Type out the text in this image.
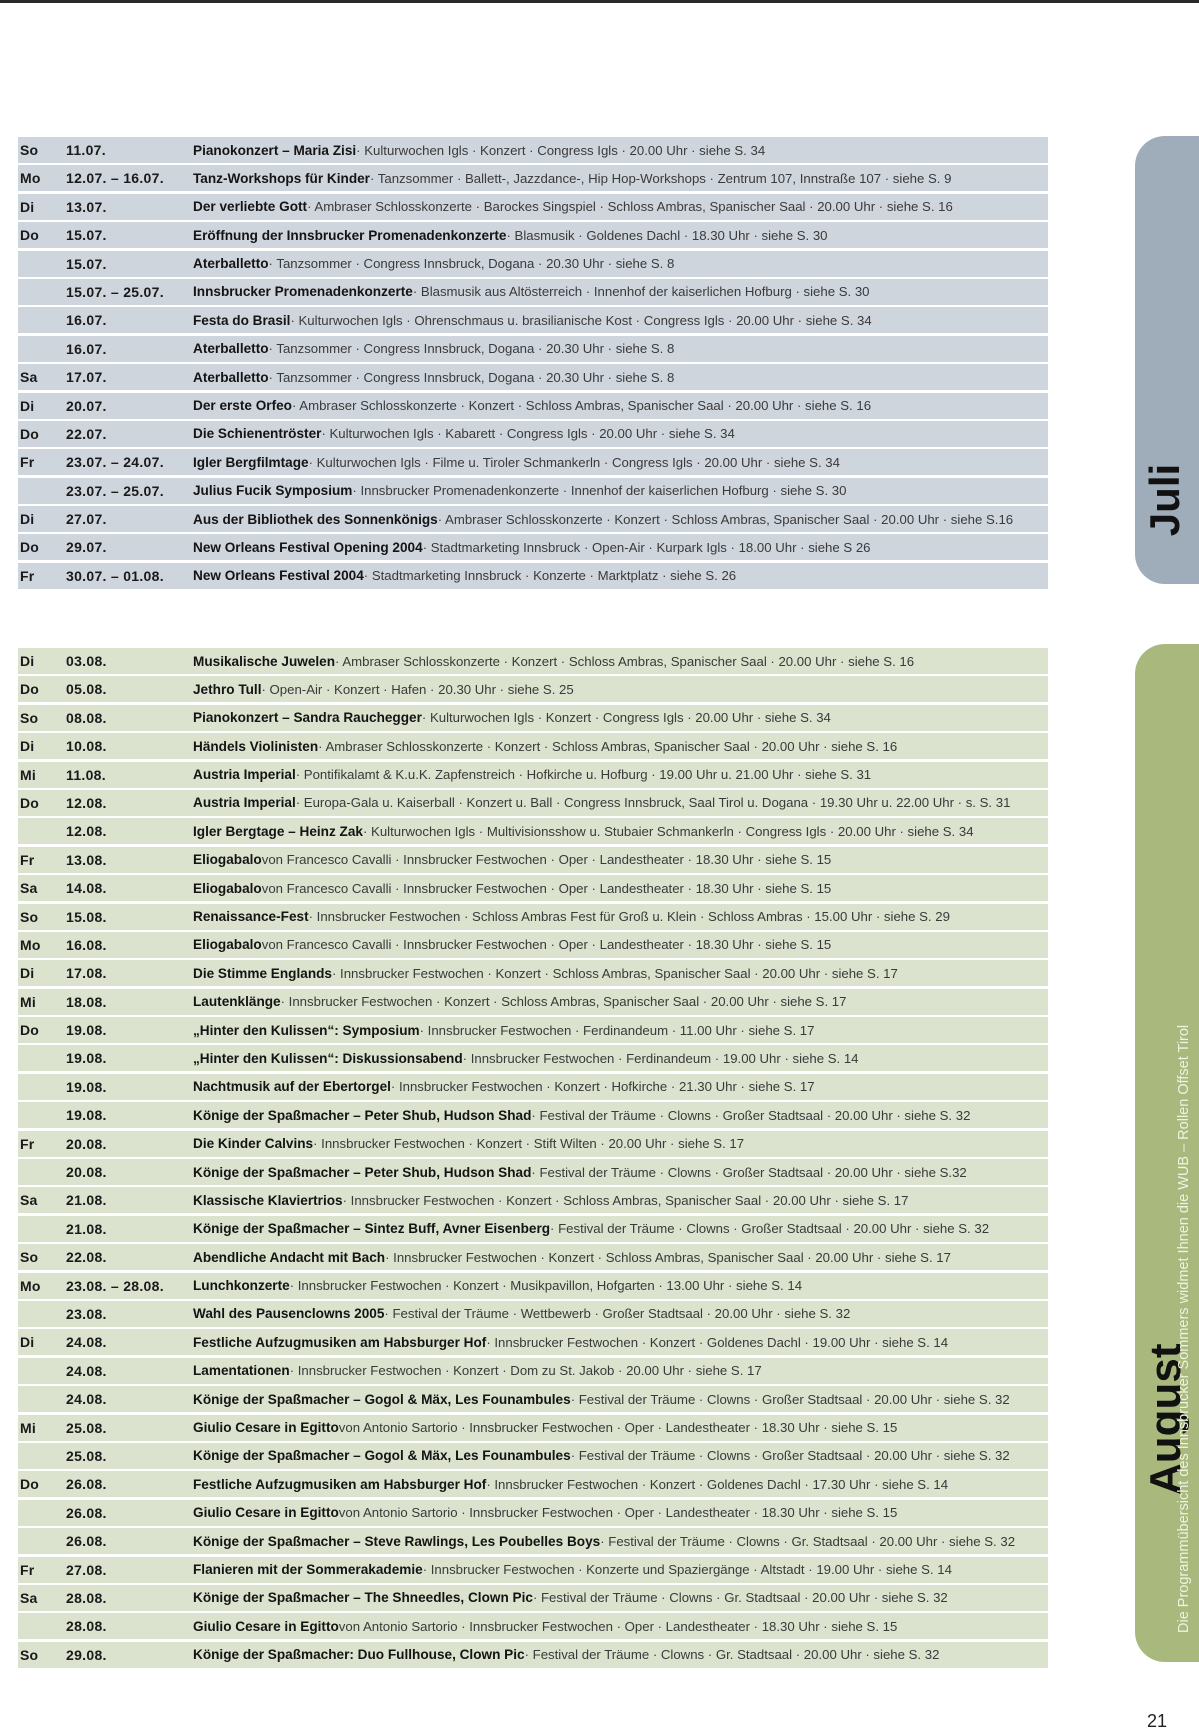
So	11.07.	Pianokonzert – Maria Zisi · Kulturwochen Igls · Konzert · Congress Igls · 20.00 Uhr · siehe S. 34
Mo	12.07. – 16.07.	Tanz-Workshops für Kinder · Tanzsommer · Ballett-, Jazzdance-, Hip Hop-Workshops · Zentrum 107, Innstraße 107 · siehe S. 9
Di	13.07.	Der verliebte Gott · Ambraser Schlosskonzerte · Barockes Singspiel · Schloss Ambras, Spanischer Saal · 20.00 Uhr · siehe S. 16
Do	15.07.	Eröffnung der Innsbrucker Promenadenkonzerte · Blasmusik · Goldenes Dachl · 18.30 Uhr · siehe S. 30
15.07.	Aterballetto · Tanzsommer · Congress Innsbruck, Dogana · 20.30 Uhr · siehe S. 8
15.07. – 25.07.	Innsbrucker Promenadenkonzerte · Blasmusik aus Altösterreich · Innenhof der kaiserlichen Hofburg · siehe S. 30
16.07.	Festa do Brasil · Kulturwochen Igls · Ohrenschmaus u. brasilianische Kost · Congress Igls · 20.00 Uhr · siehe S. 34
16.07.	Aterballetto · Tanzsommer · Congress Innsbruck, Dogana · 20.30 Uhr · siehe S. 8
Sa	17.07.	Aterballetto · Tanzsommer · Congress Innsbruck, Dogana · 20.30 Uhr · siehe S. 8
Di	20.07.	Der erste Orfeo · Ambraser Schlosskonzerte · Konzert · Schloss Ambras, Spanischer Saal · 20.00 Uhr · siehe S. 16
Do	22.07.	Die Schienentröster · Kulturwochen Igls · Kabarett · Congress Igls · 20.00 Uhr · siehe S. 34
Fr	23.07. – 24.07.	Igler Bergfilmtage · Kulturwochen Igls · Filme u. Tiroler Schmankerln · Congress Igls · 20.00 Uhr · siehe S. 34
23.07. – 25.07.	Julius Fucik Symposium · Innsbrucker Promenadenkonzerte · Innenhof der kaiserlichen Hofburg · siehe S. 30
Di	27.07.	Aus der Bibliothek des Sonnenkönigs · Ambraser Schlosskonzerte · Konzert · Schloss Ambras, Spanischer Saal · 20.00 Uhr · siehe S.16
Do	29.07.	New Orleans Festival Opening 2004 · Stadtmarketing Innsbruck · Open-Air · Kurpark Igls · 18.00 Uhr · siehe S 26
Fr	30.07. – 01.08.	New Orleans Festival 2004 · Stadtmarketing Innsbruck · Konzerte · Marktplatz · siehe S. 26
Di	03.08.	Musikalische Juwelen · Ambraser Schlosskonzerte · Konzert · Schloss Ambras, Spanischer Saal · 20.00 Uhr · siehe S. 16
Do	05.08.	Jethro Tull · Open-Air · Konzert · Hafen · 20.30 Uhr · siehe S. 25
So	08.08.	Pianokonzert – Sandra Rauchegger · Kulturwochen Igls · Konzert · Congress Igls · 20.00 Uhr · siehe S. 34
Di	10.08.	Händels Violinisten · Ambraser Schlosskonzerte · Konzert · Schloss Ambras, Spanischer Saal · 20.00 Uhr · siehe S. 16
Mi	11.08.	Austria Imperial · Pontifikalamt & K.u.K. Zapfenstreich · Hofkirche u. Hofburg · 19.00 Uhr u. 21.00 Uhr · siehe S. 31
Do	12.08.	Austria Imperial · Europa-Gala u. Kaiserball · Konzert u. Ball · Congress Innsbruck, Saal Tirol u. Dogana · 19.30 Uhr u. 22.00 Uhr · s. S. 31
12.08.	Igler Bergtage – Heinz Zak · Kulturwochen Igls · Multivisionsshow u. Stubaier Schmankerln · Congress Igls · 20.00 Uhr · siehe S. 34
Fr	13.08.	Eliogabalo von Francesco Cavalli · Innsbrucker Festwochen · Oper · Landestheater · 18.30 Uhr · siehe S. 15
Sa	14.08.	Eliogabalo von Francesco Cavalli · Innsbrucker Festwochen · Oper · Landestheater · 18.30 Uhr · siehe S. 15
So	15.08.	Renaissance-Fest · Innsbrucker Festwochen · Schloss Ambras Fest für Groß u. Klein · Schloss Ambras · 15.00 Uhr · siehe S. 29
Mo	16.08.	Eliogabalo von Francesco Cavalli · Innsbrucker Festwochen · Oper · Landestheater · 18.30 Uhr · siehe S. 15
Di	17.08.	Die Stimme Englands · Innsbrucker Festwochen · Konzert · Schloss Ambras, Spanischer Saal · 20.00 Uhr · siehe S. 17
Mi	18.08.	Lautenklänge · Innsbrucker Festwochen · Konzert · Schloss Ambras, Spanischer Saal · 20.00 Uhr · siehe S. 17
Do	19.08.	„Hinter den Kulissen“: Symposium · Innsbrucker Festwochen · Ferdinandeum · 11.00 Uhr · siehe S. 17
19.08.	„Hinter den Kulissen“: Diskussionsabend · Innsbrucker Festwochen · Ferdinandeum · 19.00 Uhr · siehe S. 14
19.08.	Nachtmusik auf der Ebertorgel · Innsbrucker Festwochen · Konzert · Hofkirche · 21.30 Uhr · siehe S. 17
19.08.	Könige der Spaßmacher – Peter Shub, Hudson Shad · Festival der Träume · Clowns · Großer Stadtsaal · 20.00 Uhr · siehe S. 32
Fr	20.08.	Die Kinder Calvins · Innsbrucker Festwochen · Konzert · Stift Wilten · 20.00 Uhr · siehe S. 17
20.08.	Könige der Spaßmacher – Peter Shub, Hudson Shad · Festival der Träume · Clowns · Großer Stadtsaal · 20.00 Uhr · siehe S.32
Sa	21.08.	Klassische Klaviertrios · Innsbrucker Festwochen · Konzert · Schloss Ambras, Spanischer Saal · 20.00 Uhr · siehe S. 17
21.08.	Könige der Spaßmacher – Sintez Buff, Avner Eisenberg · Festival der Träume · Clowns · Großer Stadtsaal · 20.00 Uhr · siehe S. 32
So	22.08.	Abendliche Andacht mit Bach · Innsbrucker Festwochen · Konzert · Schloss Ambras, Spanischer Saal · 20.00 Uhr · siehe S. 17
Mo	23.08. – 28.08.	Lunchkonzerte · Innsbrucker Festwochen · Konzert · Musikpavillon, Hofgarten · 13.00 Uhr · siehe S. 14
23.08.	Wahl des Pausenclowns 2005 · Festival der Träume · Wettbewerb · Großer Stadtsaal · 20.00 Uhr · siehe S. 32
Di	24.08.	Festliche Aufzugmusiken am Habsburger Hof · Innsbrucker Festwochen · Konzert · Goldenes Dachl · 19.00 Uhr · siehe S. 14
24.08.	Lamentationen · Innsbrucker Festwochen · Konzert · Dom zu St. Jakob · 20.00 Uhr · siehe S. 17
24.08.	Könige der Spaßmacher – Gogol & Mäx, Les Founambules · Festival der Träume · Clowns · Großer Stadtsaal · 20.00 Uhr · siehe S. 32
Mi	25.08.	Giulio Cesare in Egitto von Antonio Sartorio · Innsbrucker Festwochen · Oper · Landestheater · 18.30 Uhr · siehe S. 15
25.08.	Könige der Spaßmacher – Gogol & Mäx, Les Founambules · Festival der Träume · Clowns · Großer Stadtsaal · 20.00 Uhr · siehe S. 32
Do	26.08.	Festliche Aufzugmusiken am Habsburger Hof · Innsbrucker Festwochen · Konzert · Goldenes Dachl · 17.30 Uhr · siehe S. 14
26.08.	Giulio Cesare in Egitto von Antonio Sartorio · Innsbrucker Festwochen · Oper · Landestheater · 18.30 Uhr · siehe S. 15
26.08.	Könige der Spaßmacher – Steve Rawlings, Les Poubelles Boys · Festival der Träume · Clowns · Gr. Stadtsaal · 20.00 Uhr · siehe S. 32
Fr	27.08.	Flanieren mit der Sommerakademie · Innsbrucker Festwochen · Konzerte und Spaziergänge · Altstadt · 19.00 Uhr · siehe S. 14
Sa	28.08.	Könige der Spaßmacher – The Shneedles, Clown Pic · Festival der Träume · Clowns · Gr. Stadtsaal · 20.00 Uhr · siehe S. 32
28.08.	Giulio Cesare in Egitto von Antonio Sartorio · Innsbrucker Festwochen · Oper · Landestheater · 18.30 Uhr · siehe S. 15
So	29.08.	Könige der Spaßmacher: Duo Fullhouse, Clown Pic · Festival der Träume · Clowns · Gr. Stadtsaal · 20.00 Uhr · siehe S. 32
Juli
August
Die Programmübersicht des Innsbrucker Sommers widmet Ihnen die WUB – Rollen Offset Tirol
21
